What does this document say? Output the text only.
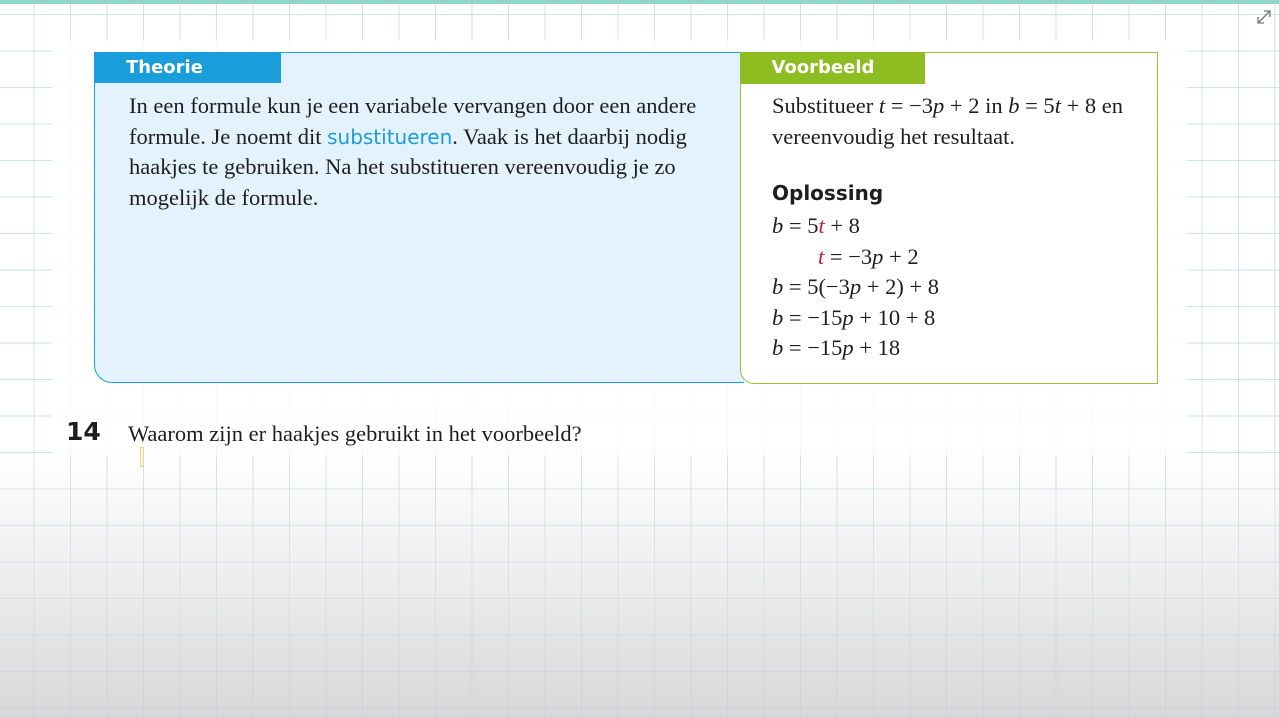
Theorie
In een formule kun je een variabele vervangen door een andere formule. Je noemt dit substitueren. Vaak is het daarbij nodig haakjes te gebruiken. Na het substitueren vereenvoudig je zo mogelijk de formule.
Voorbeeld
Substitueer t = −3p + 2 in b = 5t + 8 en vereenvoudig het resultaat.
Oplossing
b = 5t + 8
t = −3p + 2
b = 5(−3p + 2) + 8
b = −15p + 10 + 8
b = −15p + 18
14 Waarom zijn er haakjes gebruikt in het voorbeeld?
